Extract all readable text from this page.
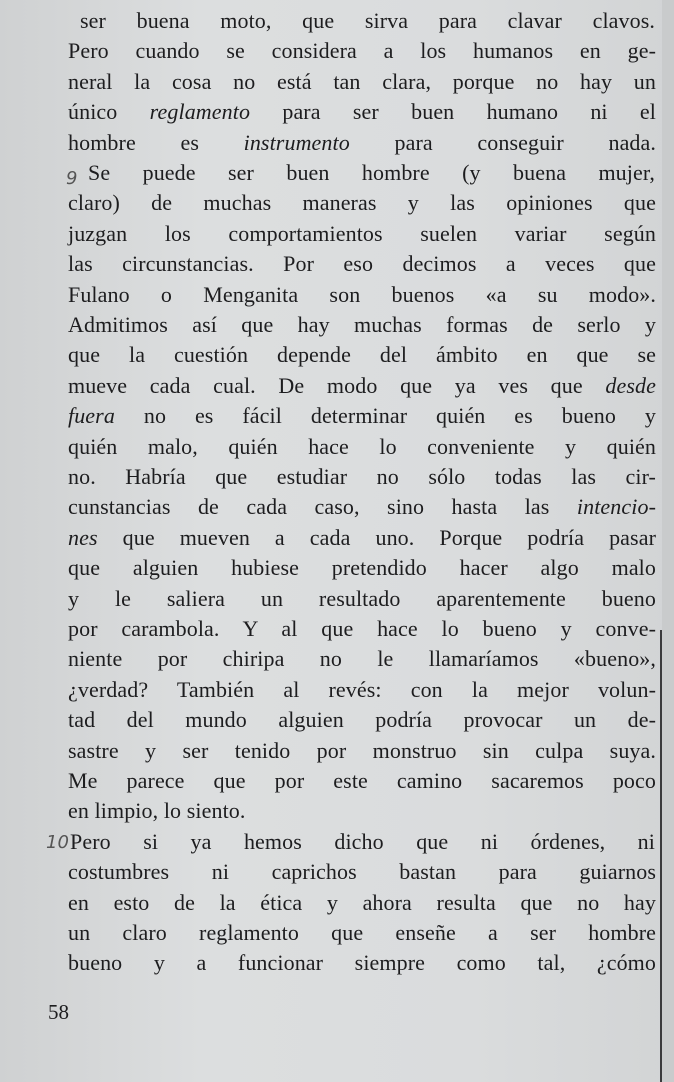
ser buena moto, que sirva para clavar clavos.
Pero cuando se considera a los humanos en ge-
neral la cosa no está tan clara, porque no hay un
único reglamento para ser buen humano ni el
hombre es instrumento para conseguir nada.
Se puede ser buen hombre (y buena mujer,
claro) de muchas maneras y las opiniones que
juzgan los comportamientos suelen variar según
las circunstancias. Por eso decimos a veces que
Fulano o Menganita son buenos «a su modo».
Admitimos así que hay muchas formas de serlo y
que la cuestión depende del ámbito en que se
mueve cada cual. De modo que ya ves que desde
fuera no es fácil determinar quién es bueno y
quién malo, quién hace lo conveniente y quién
no. Habría que estudiar no sólo todas las cir-
cunstancias de cada caso, sino hasta las intencio-
nes que mueven a cada uno. Porque podría pasar
que alguien hubiese pretendido hacer algo malo
y le saliera un resultado aparentemente bueno
por carambola. Y al que hace lo bueno y conve-
niente por chiripa no le llamaríamos «bueno»,
¿verdad? También al revés: con la mejor volun-
tad del mundo alguien podría provocar un de-
sastre y ser tenido por monstruo sin culpa suya.
Me parece que por este camino sacaremos poco
en limpio, lo siento.
Pero si ya hemos dicho que ni órdenes, ni
costumbres ni caprichos bastan para guiarnos
en esto de la ética y ahora resulta que no hay
un claro reglamento que enseñe a ser hombre
bueno y a funcionar siempre como tal, ¿cómo
9
10
58
